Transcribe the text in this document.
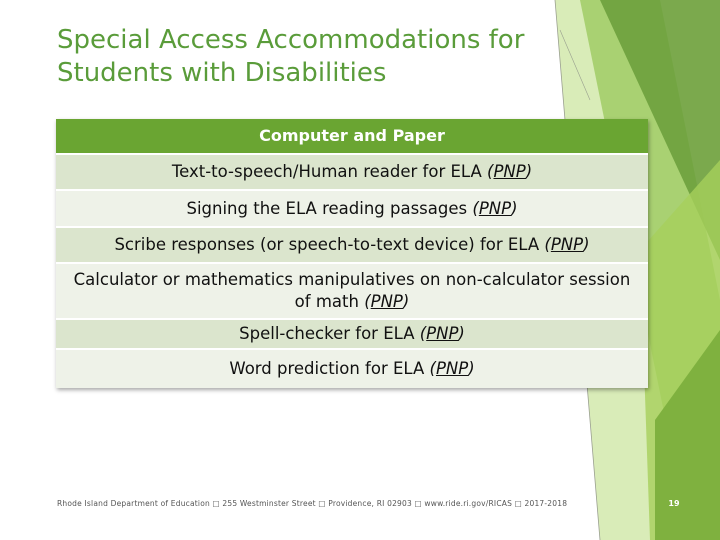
Special Access Accommodations for Students with Disabilities
Computer and Paper
Text-to-speech/Human reader for ELA (PNP)
Signing the ELA reading passages (PNP)
Scribe responses (or speech-to-text device) for ELA (PNP)
Calculator or mathematics manipulatives on non-calculator session of math (PNP)
Spell-checker for ELA (PNP)
Word prediction for ELA (PNP)
Rhode Island Department of Education □ 255 Westminster Street □ Providence, RI 02903 □ www.ride.ri.gov/RICAS □ 2017-2018	19
